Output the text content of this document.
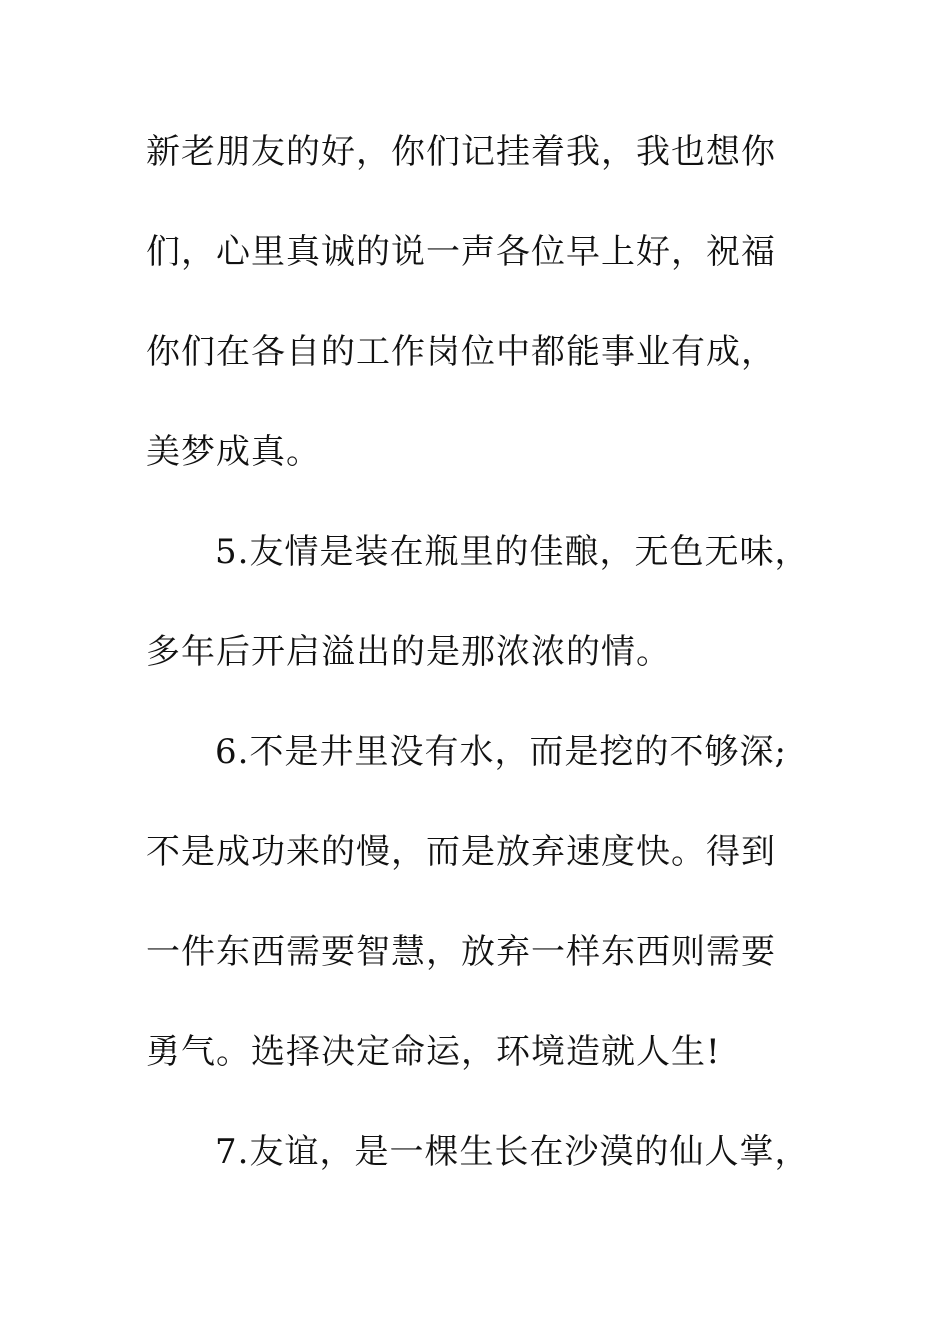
新老朋友的好，你们记挂着我，我也想你
们，心里真诚的说一声各位早上好，祝福
你们在各自的工作岗位中都能事业有成，
美梦成真。
5.友情是装在瓶里的佳酿，无色无味，
多年后开启溢出的是那浓浓的情。
6.不是井里没有水，而是挖的不够深;
不是成功来的慢，而是放弃速度快。得到
一件东西需要智慧，放弃一样东西则需要
勇气。选择决定命运，环境造就人生!
7.友谊，是一棵生长在沙漠的仙人掌，
